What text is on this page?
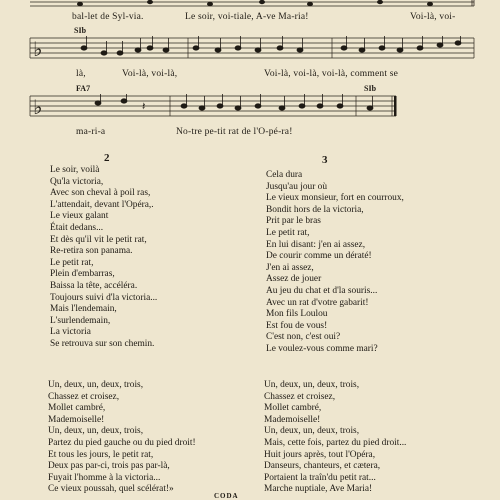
bal-let de Syl-via.	Le soir, voi-tiale, A-ve Ma-ria!	Voi-là, voi-
SIb
♭
là,	Voi-là, voi-là,	Voi-là, voi-là, voi-là, comment se
FA7	SIb
♭	𝄽
ma-ri-a	No-tre pe-tit rat de l'O-pé-ra!
2
Le soir, voilà
Qu'la victoria,
Avec son cheval à poil ras,
L'attendait, devant l'Opéra,.
Le vieux galant
Était dedans...
Et dès qu'il vit le petit rat,
Re-retira son panama.
Le petit rat,
Plein d'embarras,
Baissa la tête, accéléra.
Toujours suivi d'la victoria...
Mais l'lendemain,
L'surlendemain,
La victoria
Se retrouva sur son chemin.
3
Cela dura
Jusqu'au jour où
Le vieux monsieur, fort en courroux,
Bondit hors de la victoria,
Prit par le bras
Le petit rat,
En lui disant: j'en ai assez,
De courir comme un dératé!
J'en ai assez,
Assez de jouer
Au jeu du chat et d'la souris...
Avec un rat d'votre gabarit!
Mon fils Loulou
Est fou de vous!
C'est non, c'est oui?
Le voulez-vous comme mari?
Un, deux, un, deux, trois,
Chassez et croisez,
Mollet cambré,
Mademoiselle!
Un, deux, un, deux, trois,
Partez du pied gauche ou du pied droit!
Et tous les jours, le petit rat,
Deux pas par-ci, trois pas par-là,
Fuyait l'homme à la victoria...
Ce vieux poussah, quel scélérat!»
Un, deux, un, deux, trois,
Chassez et croisez,
Mollet cambré,
Mademoiselle!
Un, deux, un, deux, trois,
Mais, cette fois, partez du pied droit...
Huit jours après, tout l'Opéra,
Danseurs, chanteurs, et cætera,
Portaient la traîn'du petit rat...
Marche nuptiale, Ave Maria!
CODA
